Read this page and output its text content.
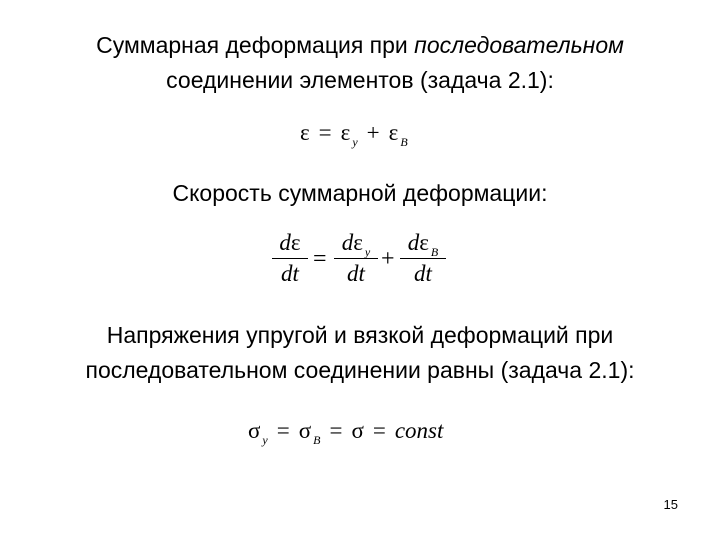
Суммарная деформация при последовательном
соединении элементов (задача 2.1):
ε = ε $_y$ + ε $_B$
Скорость суммарной деформации:
dε
dt
=
dε $_y$
dt
+
dε $_B$
dt
Напряжения упругой и вязкой деформаций при
последовательном соединении равны (задача 2.1):
σ $_y$ = σ $_B$ = σ = const
15
